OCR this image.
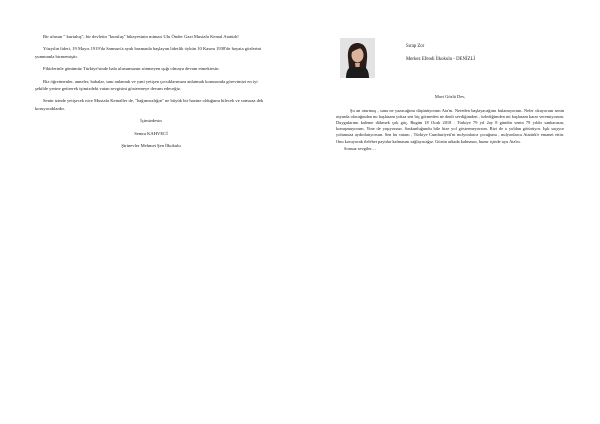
Bir ulusun " kurtuluş"; bir devletin "kuruluş" hikayesinin mimarı Ulu Önder Gazi Mustafa Kemal Atatürk!

Yüzyılın lideri, 19 Mayıs 1919'da Samsun'a ayak basmanla başlayan liderlik öykün 10 Kasım 1938'de hayata gözlerini yummanla birmemiştir.

Fikirlerinle günümüz Türkiye'sinde hala ulusumuzun sönmeyen ışığı olmaya devam etmektesin.

Biz öğretmenler, anneler, babalar, sanı anlamak ve yani yetişen çocuklarımıza anlatmak konusunda görevimizi en iyi şekilde yerine getirerek işimizdeki vatan sevgisini göstermeye devam edeceğiz.

Senin izinde yetişecek nice Mustafa Kemaller de, "bağımsızlığın" ne büyük bir hazine olduğunu bilecek ve sonsuza dek koruyacaklardır.

İçimizdesin
Semra KAHVECİ
Şirinevler Mehmet Şen İlkokulu
Sırap Zor
Merkez Efendi İlkokulu - DENİZLİ
Mavi Gözlü Dev,

Şu an oturmuş , sana ne yazacağımı düşünüyorum Ata'm. Nereden başlayacağımı bulamıyorum. Neler okuyorum senin asyında olacağından mı başlasam yoksa sen hiç görmeden ne denli sevdiğimden , özlediğimden mi başlasam karar veremiyorum. Duygularımı kaleme dökmek çok güç. Bugün 18 Ocak 2018 . Türkiye 79 yıl 2ay 8 gündür senin 79 yıldır sankarasın, konuşmuyorum. Yine de yaşıyorsun. Saskunluğundu bile bize yol göstermeyorsun. Bizi de o yoldan götürüyor. Işık saçıyor yolumuza aydınlatıyorsun. Sen bu vatanı , Türkiye Cumhuriyeti'ni mıfyonlarca çocuğunu , mılyonlarca Atatürk'e emanet ettin. Onu koruyacak ilelebet payidar kalmasını sağlayacağız. Gözün arkada kalmasın, huzur içinde uyu Ata'm.

Sonsuz sevgiler…
